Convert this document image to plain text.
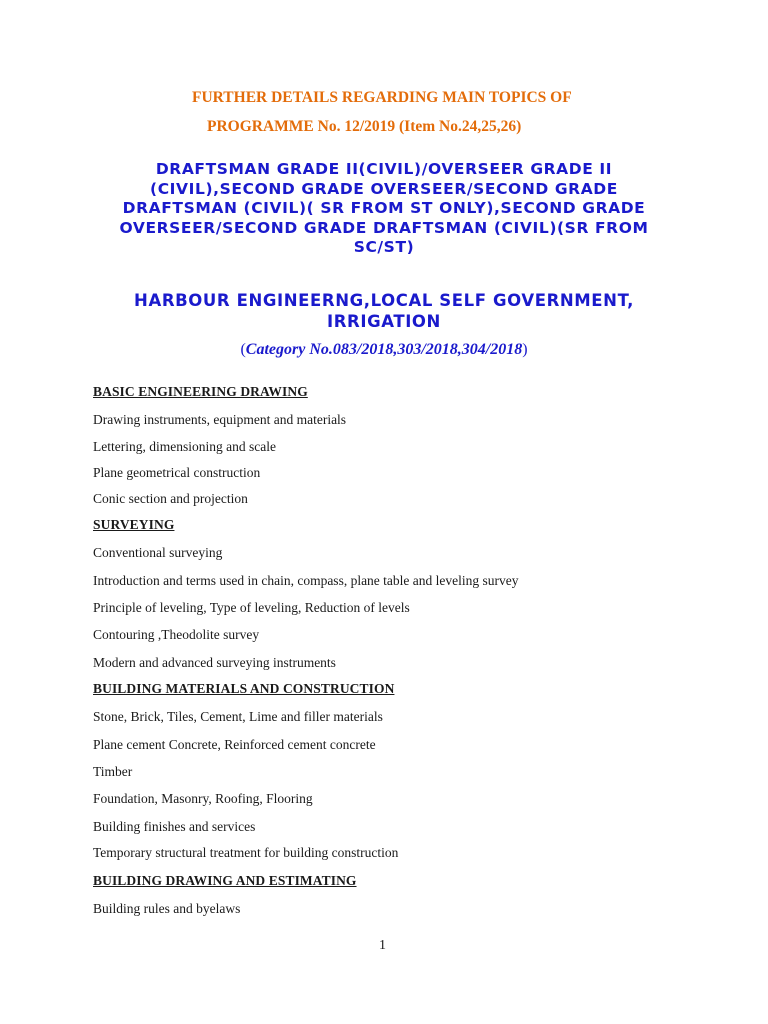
FURTHER DETAILS REGARDING MAIN TOPICS OF
PROGRAMME No. 12/2019 (Item No.24,25,26)
DRAFTSMAN GRADE II(CIVIL)/OVERSEER GRADE II
(CIVIL),SECOND GRADE OVERSEER/SECOND GRADE
DRAFTSMAN (CIVIL)( SR FROM ST ONLY),SECOND GRADE
OVERSEER/SECOND GRADE DRAFTSMAN (CIVIL)(SR FROM
SC/ST)
HARBOUR ENGINEERNG,LOCAL SELF GOVERNMENT,
IRRIGATION
(Category No.083/2018,303/2018,304/2018)
BASIC ENGINEERING DRAWING
Drawing instruments, equipment and materials
Lettering, dimensioning and scale
Plane geometrical construction
Conic section and projection
SURVEYING
Conventional surveying
Introduction and terms used in chain, compass, plane table and leveling survey
Principle of leveling, Type of leveling, Reduction of levels
Contouring ,Theodolite survey
Modern and advanced surveying instruments
BUILDING MATERIALS AND CONSTRUCTION
Stone, Brick, Tiles, Cement, Lime and filler materials
Plane cement Concrete, Reinforced cement concrete
Timber
Foundation, Masonry, Roofing, Flooring
Building finishes and services
Temporary structural treatment for building construction
BUILDING DRAWING AND ESTIMATING
Building rules and byelaws
1
